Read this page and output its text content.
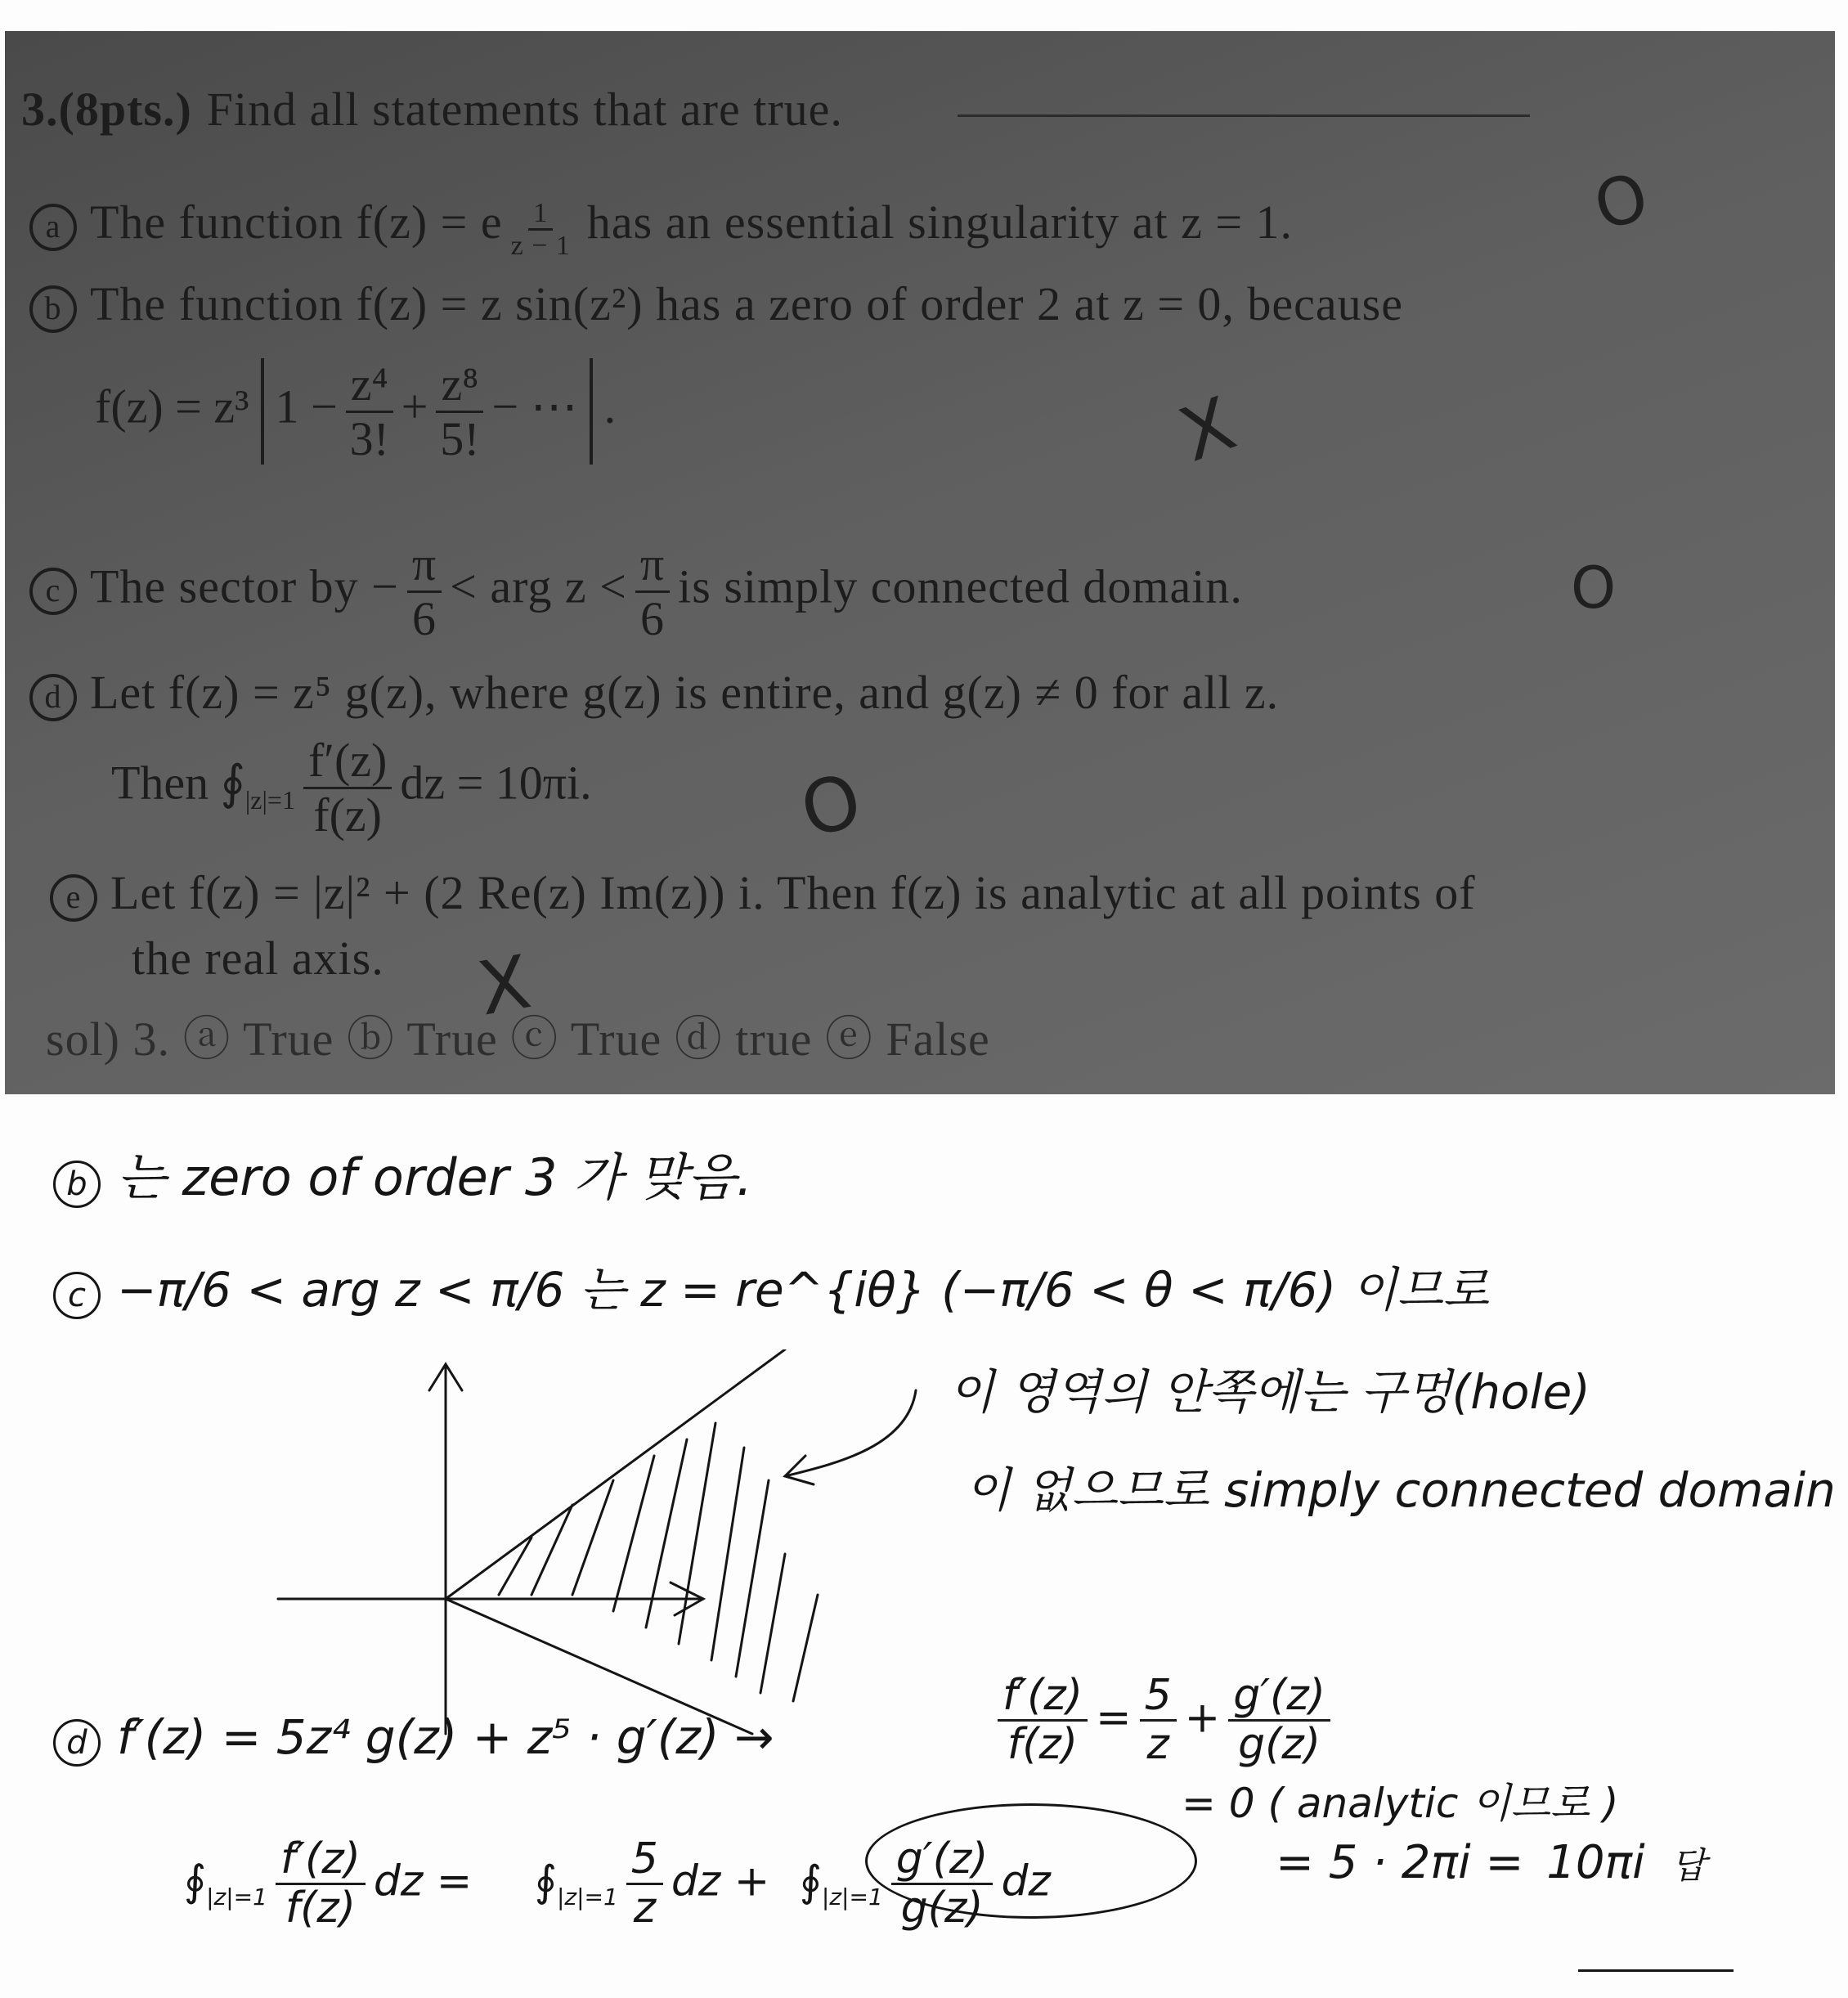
3.(8pts.) Find all statements that are true.
a The function f(z) = e $\frac{1}{z - 1}$ has an essential singularity at z = 1.	O
b The function f(z) = z sin(z²) has a zero of order 2 at z = 0, because
f(z) = z³ $1 - \frac{\text{z⁴}}{3!} + \frac{\text{z⁸}}{5!}$ − ⋯ .	X
c The sector by − $\frac{\pi}{6}$ < arg $z < \frac{\pi}{6}$ is simply connected domain.	O
d Let f(z) = z⁵ g(z), where g(z) is entire, and g(z) ≠ 0 for all z.
Then $∮_{|z|=1} \frac{f'(z)}{f(z)}$ dz = 10πi.	O
e Let f(z) = |z|² + (2 Re(z) Im(z)) i. Then f(z) is analytic at all points of
the real axis. X
sol) 3. ⓐ True ⓑ True ⓒ True ⓓ true ⓔ False
b 는 zero of order 3 가 맞음.
c −π/6 < arg z < π/6 는 z = re^{iθ} (−π/6 < θ < π/6) 이므로
이 영역의 안쪽에는 구멍(hole)
이 없으므로 simply connected domain
d f′(z) = 5z⁴ g(z) + z⁵ · g′(z) →	$\frac{f'(z)}{f(z)} = \frac{5}{z} + \frac{g'(z)}{g(z)}$
= 0 ( analytic 이므로 )
$∮_{|z|=1} \frac{f'(z)}{f(z)}$ dz = $∮_{|z|=1} \frac{5}{z}$ dz + $∮_{|z|=1} \frac{g'(z)}{g(z)}$ dz	= 5 · 2πi = 10πi 답
